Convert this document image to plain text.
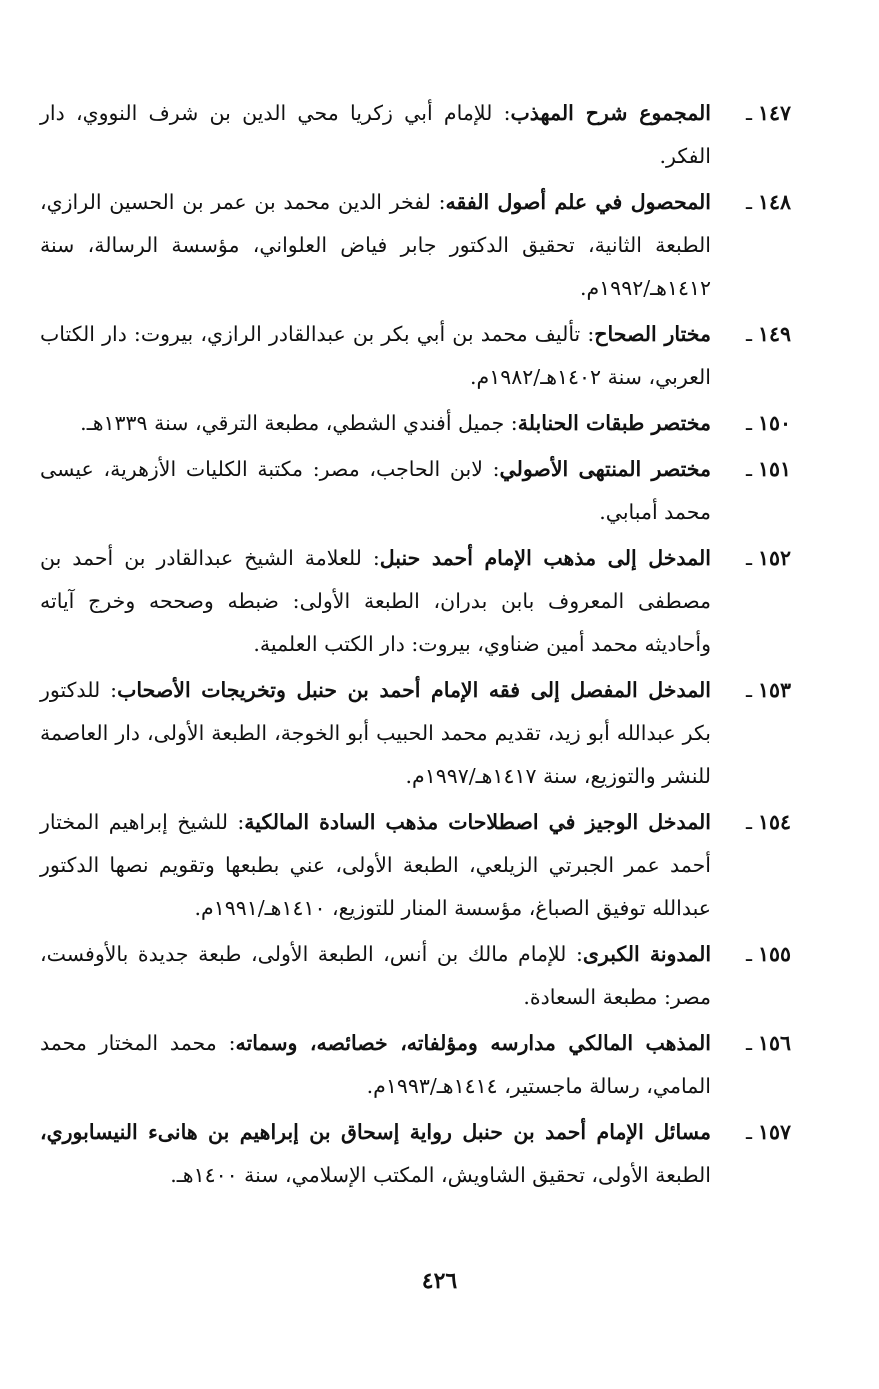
١٤٧ـ
المجموع شرح المهذب: للإمام أبي زكريا محي الدين بن شرف النووي، دار الفكر.
١٤٨ـ
المحصول في علم أصول الفقه: لفخر الدين محمد بن عمر بن الحسين الرازي، الطبعة الثانية، تحقيق الدكتور جابر فياض العلواني، مؤسسة الرسالة، سنة ١٤١٢هـ/١٩٩٢م.
١٤٩ـ
مختار الصحاح: تأليف محمد بن أبي بكر بن عبدالقادر الرازي، بيروت: دار الكتاب العربي، سنة ١٤٠٢هـ/١٩٨٢م.
١٥٠ـ
مختصر طبقات الحنابلة: جميل أفندي الشطي، مطبعة الترقي، سنة ١٣٣٩هـ.
١٥١ـ
مختصر المنتهى الأصولي: لابن الحاجب، مصر: مكتبة الكليات الأزهرية، عيسى محمد أمبابي.
١٥٢ـ
المدخل إلى مذهب الإمام أحمد حنبل: للعلامة الشيخ عبدالقادر بن أحمد بن مصطفى المعروف بابن بدران، الطبعة الأولى: ضبطه وصححه وخرج آياته وأحاديثه محمد أمين ضناوي، بيروت: دار الكتب العلمية.
١٥٣ـ
المدخل المفصل إلى فقه الإمام أحمد بن حنبل وتخريجات الأصحاب: للدكتور بكر عبدالله أبو زيد، تقديم محمد الحبيب أبو الخوجة، الطبعة الأولى، دار العاصمة للنشر والتوزيع، سنة ١٤١٧هـ/١٩٩٧م.
١٥٤ـ
المدخل الوجيز في اصطلاحات مذهب السادة المالكية: للشيخ إبراهيم المختار أحمد عمر الجبرتي الزيلعي، الطبعة الأولى، عني بطبعها وتقويم نصها الدكتور عبدالله توفيق الصباغ، مؤسسة المنار للتوزيع، ١٤١٠هـ/١٩٩١م.
١٥٥ـ
المدونة الكبرى: للإمام مالك بن أنس، الطبعة الأولى، طبعة جديدة بالأوفست، مصر: مطبعة السعادة.
١٥٦ـ
المذهب المالكي مدارسه ومؤلفاته، خصائصه، وسماته: محمد المختار محمد المامي، رسالة ماجستير، ١٤١٤هـ/١٩٩٣م.
١٥٧ـ
مسائل الإمام أحمد بن حنبل رواية إسحاق بن إبراهيم بن هانىء النيسابوري، الطبعة الأولى، تحقيق الشاويش، المكتب الإسلامي، سنة ١٤٠٠هـ.
٤٢٦
